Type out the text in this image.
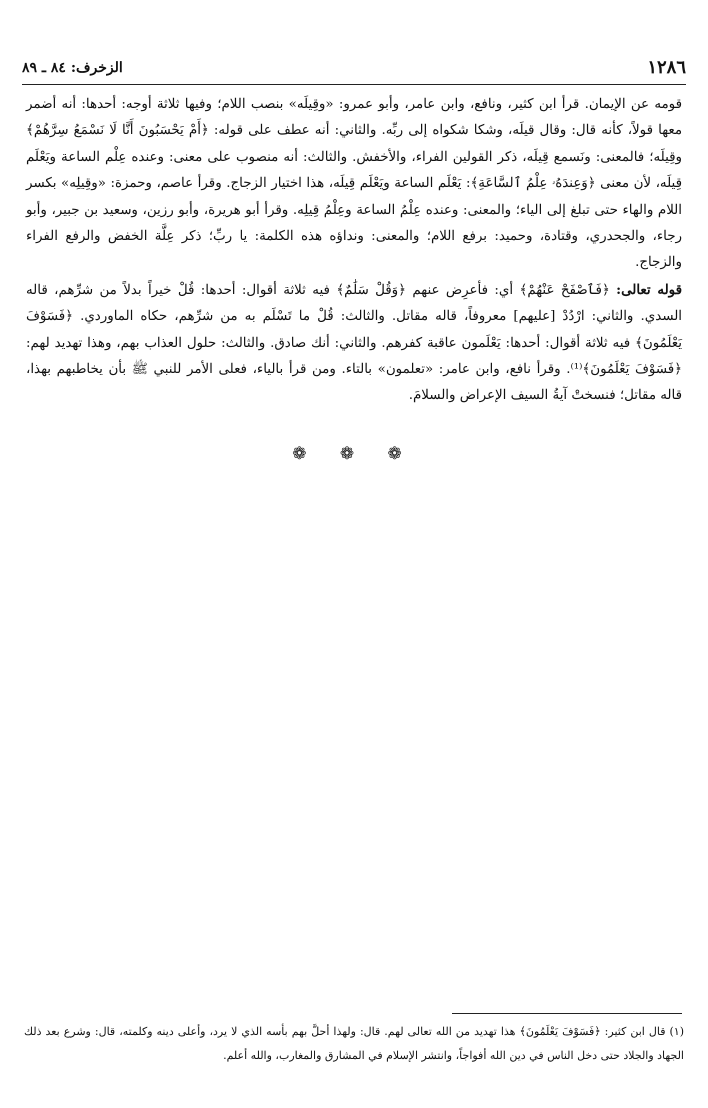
الزخرف: ٨٤ ـ ٨٩	١٢٨٦

قومه عن الإيمان. قرأ ابن كثير، ونافع، وابن عامر، وأبو عمرو: «وقِيلَه» بنصب اللام؛ وفيها ثلاثة أوجه: أحدها: أنه أضمر معها قولاً، كأنه قال: وقال قيلَه، وشكا شكواه إلى ربِّه. والثاني: أنه عطف على قوله: ﴿أَمْ يَحْسَبُونَ أَنَّا لَا نَسْمَعُ سِرَّهُمْ﴾ وقِيلَه؛ فالمعنى: ونَسمع قِيلَه، ذكر القولين الفراء، والأخفش. والثالث: أنه منصوب على معنى: وعنده عِلْم الساعة ويَعْلَم قِيلَه، لأن معنى ﴿وَعِندَهُۥ عِلْمُ ٱلسَّاعَةِ﴾: يَعْلَم الساعة ويَعْلَم قِيلَه، هذا اختيار الزجاج. وقرأ عاصم، وحمزة: «وقِيلِه» بكسر اللام والهاء حتى تبلغ إلى الياء؛ والمعنى: وعنده عِلْمُ الساعة وعِلْمُ قِيلِه. وقرأ أبو هريرة، وأبو رزين، وسعيد بن جبير، وأبو رجاء، والجحدري، وقتادة، وحميد: برفع اللام؛ والمعنى: ونداؤه هذه الكلمة: يا ربِّ؛ ذكر عِلَّة الخفض والرفع الفراء والزجاج.

قوله تعالى: ﴿فَٱصْفَحْ عَنْهُمْ﴾ أي: فأعرِض عنهم ﴿وَقُلْ سَلَٰمٌ﴾ فيه ثلاثة أقوال: أحدها: قُلْ خيراً بدلاً من شرِّهم، قاله السدي. والثاني: ارْدُدْ [عليهم] معروفاً، قاله مقاتل. والثالث: قُلْ ما تَسْلَم به من شرِّهم، حكاه الماوردي. ﴿فَسَوْفَ يَعْلَمُونَ﴾ فيه ثلاثة أقوال: أحدها: يَعْلَمون عاقبة كفرهم. والثاني: أنك صادق. والثالث: حلول العذاب بهم، وهذا تهديد لهم: ﴿فَسَوْفَ يَعْلَمُونَ﴾⁽¹⁾. وقرأ نافع، وابن عامر: «تعلمون» بالتاء. ومن قرأ بالياء، فعلى الأمر للنبي ﷺ بأن يخاطبهم بهذا، قاله مقاتل؛ فنسختْ آيةُ السيف الإعراض والسلامَ.

❁ ❁ ❁
(١) قال ابن كثير: ﴿فَسَوْفَ يَعْلَمُونَ﴾ هذا تهديد من الله تعالى لهم. قال: ولهذا أحلَّ بهم بأسه الذي لا يرد، وأعلى دينه وكلمته، قال: وشرع بعد ذلك الجهاد والجلاد حتى دخل الناس في دين الله أفواجاً، وانتشر الإسلام في المشارق والمغارب، والله أعلم.
